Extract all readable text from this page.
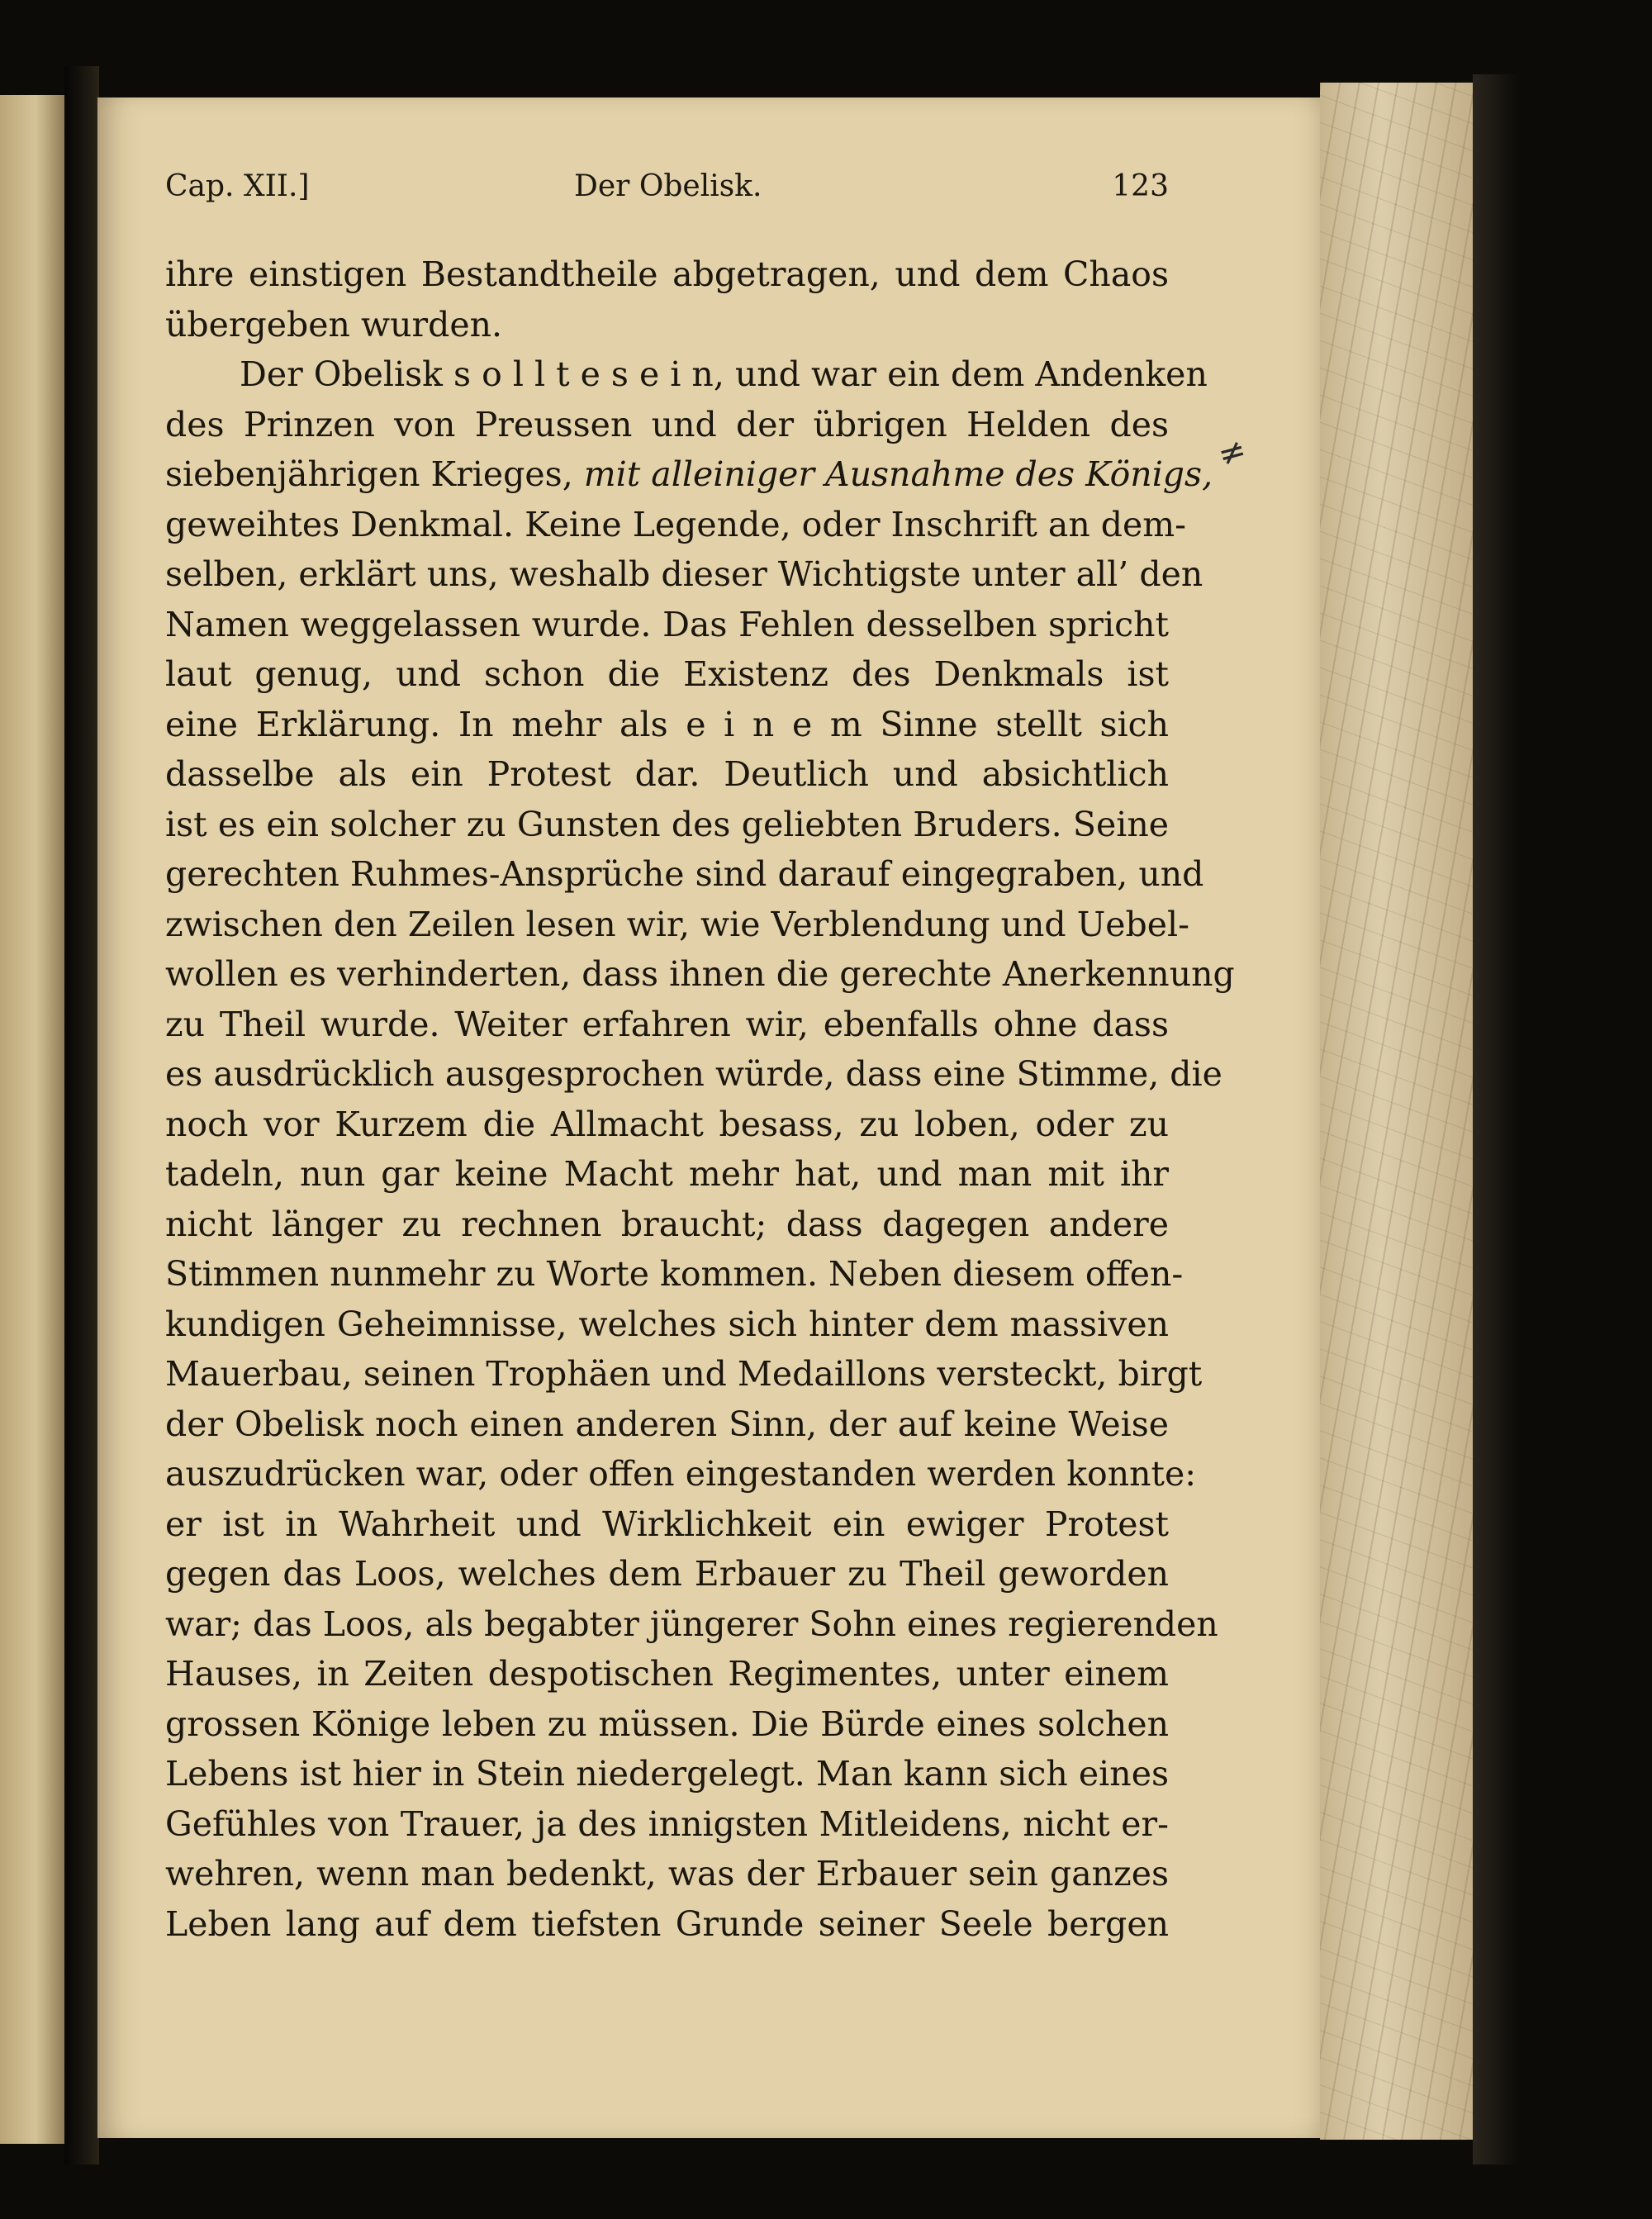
Cap. XII.]	Der Obelisk.	123
ihre einstigen Bestandtheile abgetragen, und dem Chaos
übergeben wurden.
Der Obelisk s o l l t e s e i n, und war ein dem Andenken
des Prinzen von Preussen und der übrigen Helden des
siebenjährigen Krieges, mit alleiniger Ausnahme des Königs,
geweihtes Denkmal. Keine Legende, oder Inschrift an dem-
selben, erklärt uns, weshalb dieser Wichtigste unter all’ den
Namen weggelassen wurde. Das Fehlen desselben spricht
laut genug, und schon die Existenz des Denkmals ist
eine Erklärung. In mehr als e i n e m Sinne stellt sich
dasselbe als ein Protest dar. Deutlich und absichtlich
ist es ein solcher zu Gunsten des geliebten Bruders. Seine
gerechten Ruhmes-Ansprüche sind darauf eingegraben, und
zwischen den Zeilen lesen wir, wie Verblendung und Uebel-
wollen es verhinderten, dass ihnen die gerechte Anerkennung
zu Theil wurde. Weiter erfahren wir, ebenfalls ohne dass
es ausdrücklich ausgesprochen würde, dass eine Stimme, die
noch vor Kurzem die Allmacht besass, zu loben, oder zu
tadeln, nun gar keine Macht mehr hat, und man mit ihr
nicht länger zu rechnen braucht; dass dagegen andere
Stimmen nunmehr zu Worte kommen. Neben diesem offen-
kundigen Geheimnisse, welches sich hinter dem massiven
Mauerbau, seinen Trophäen und Medaillons versteckt, birgt
der Obelisk noch einen anderen Sinn, der auf keine Weise
auszudrücken war, oder offen eingestanden werden konnte:
er ist in Wahrheit und Wirklichkeit ein ewiger Protest
gegen das Loos, welches dem Erbauer zu Theil geworden
war; das Loos, als begabter jüngerer Sohn eines regierenden
Hauses, in Zeiten despotischen Regimentes, unter einem
grossen Könige leben zu müssen. Die Bürde eines solchen
Lebens ist hier in Stein niedergelegt. Man kann sich eines
Gefühles von Trauer, ja des innigsten Mitleidens, nicht er-
wehren, wenn man bedenkt, was der Erbauer sein ganzes
Leben lang auf dem tiefsten Grunde seiner Seele bergen
≠
